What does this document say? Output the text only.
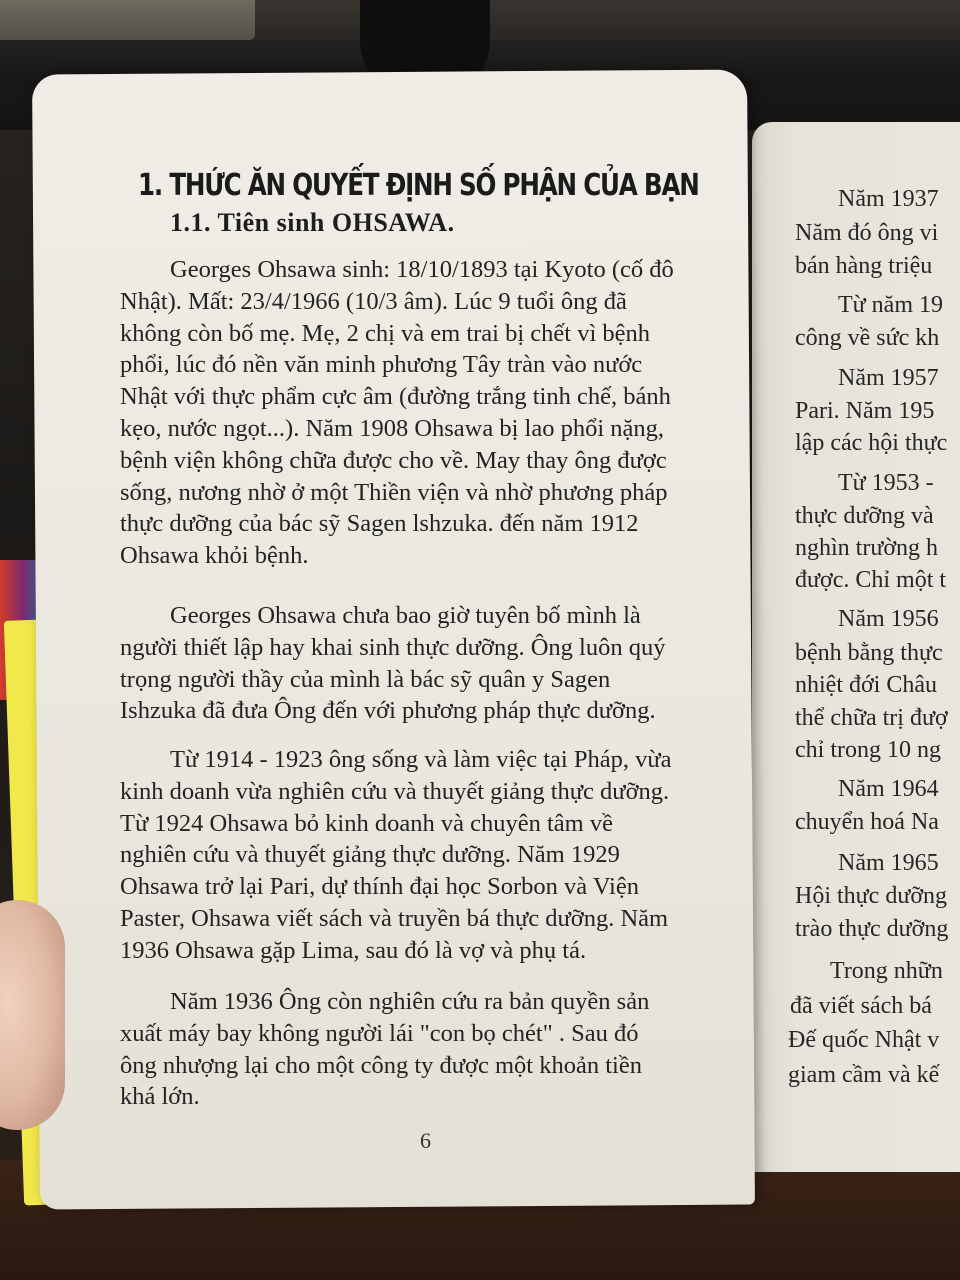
1. THỨC ĂN QUYẾT ĐỊNH SỐ PHẬN CỦA BẠN
1.1. Tiên sinh OHSAWA.

Georges Ohsawa sinh: 18/10/1893 tại Kyoto (cố đô
Nhật). Mất: 23/4/1966 (10/3 âm). Lúc 9 tuổi ông đã
không còn bố mẹ. Mẹ, 2 chị và em trai bị chết vì bệnh
phổi, lúc đó nền văn minh phương Tây tràn vào nước
Nhật với thực phẩm cực âm (đường trắng tinh chế, bánh
kẹo, nước ngọt...). Năm 1908 Ohsawa bị lao phổi nặng,
bệnh viện không chữa được cho về. May thay ông được
sống, nương nhờ ở một Thiền viện và nhờ phương pháp
thực dưỡng của bác sỹ Sagen lshzuka. đến năm 1912
Ohsawa khỏi bệnh.

Georges Ohsawa chưa bao giờ tuyên bố mình là
người thiết lập hay khai sinh thực dưỡng. Ông luôn quý
trọng người thầy của mình là bác sỹ quân y Sagen
Ishzuka đã đưa Ông đến với phương pháp thực dưỡng.

Từ 1914 - 1923 ông sống và làm việc tại Pháp, vừa
kinh doanh vừa nghiên cứu và thuyết giảng thực dưỡng.
Từ 1924 Ohsawa bỏ kinh doanh và chuyên tâm về
nghiên cứu và thuyết giảng thực dưỡng. Năm 1929
Ohsawa trở lại Pari, dự thính đại học Sorbon và Viện
Paster, Ohsawa viết sách và truyền bá thực dưỡng. Năm
1936 Ohsawa gặp Lima, sau đó là vợ và phụ tá.

Năm 1936 Ông còn nghiên cứu ra bản quyền sản
xuất máy bay không người lái "con bọ chét" . Sau đó
ông nhượng lại cho một công ty được một khoản tiền
khá lớn.

6
Năm 1937
Năm đó ông vi
bán hàng triệu
Từ năm 19
công về sức kh
Năm 1957
Pari. Năm 195
lập các hội thực
Từ 1953 -
thực dưỡng và
nghìn trường h
được. Chỉ một t
Năm 1956
bệnh bằng thực
nhiệt đới Châu
thể chữa trị đượ
chỉ trong 10 ng
Năm 1964
chuyển hoá Na
Năm 1965
Hội thực dưỡng
trào thực dưỡng
Trong nhữn
đã viết sách bá
Đế quốc Nhật v
giam cầm và kế
